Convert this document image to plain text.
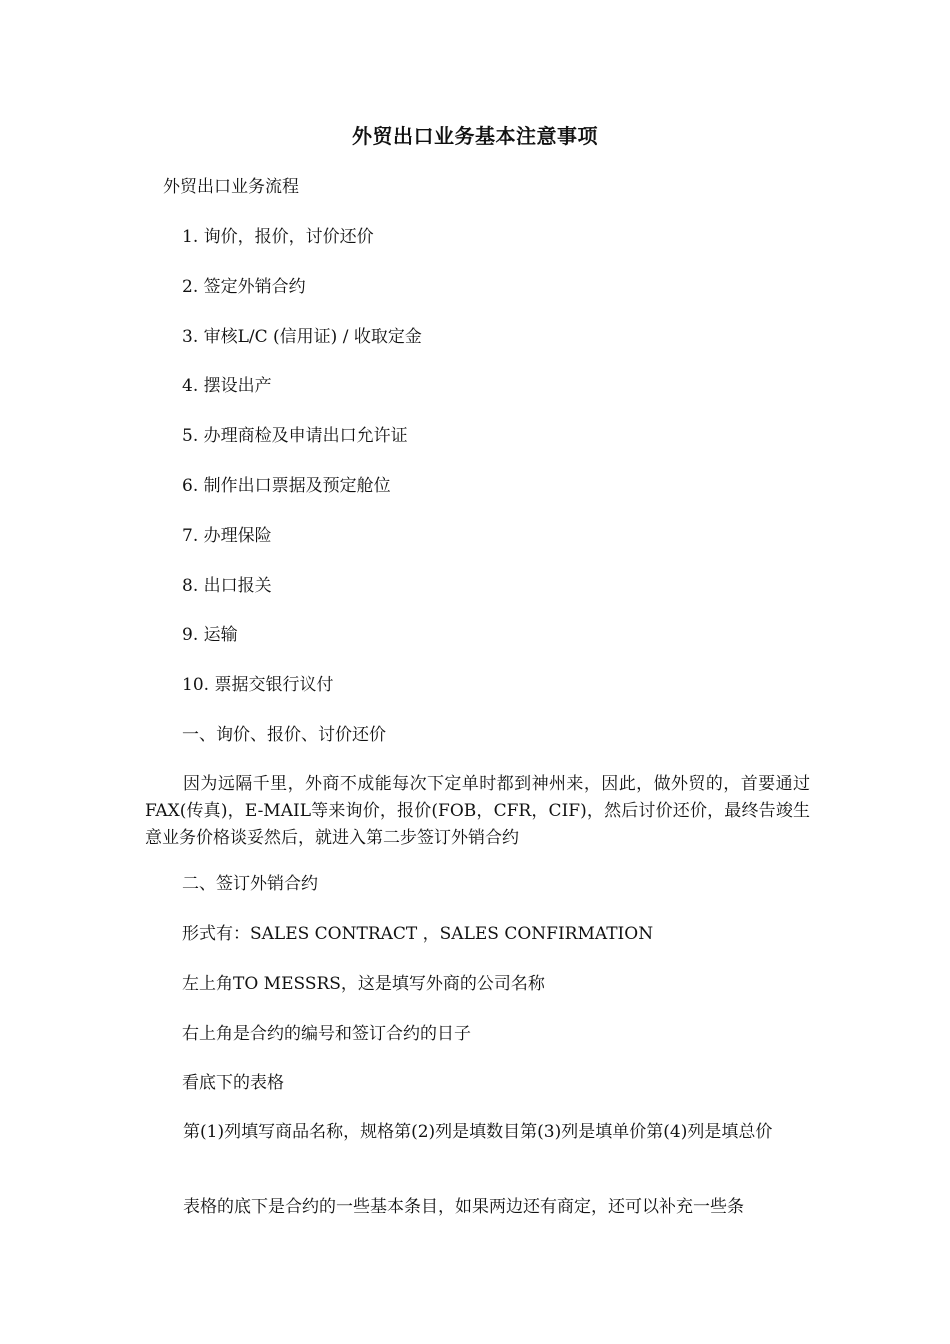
外贸出口业务基本注意事项
外贸出口业务流程
1. 询价，报价，讨价还价
2. 签定外销合约
3. 审核L/C (信用证) / 收取定金
4. 摆设出产
5. 办理商检及申请出口允许证
6. 制作出口票据及预定舱位
7. 办理保险
8. 出口报关
9. 运输
10. 票据交银行议付
一、询价、报价、讨价还价
因为远隔千里，外商不成能每次下定单时都到神州来，因此，做外贸的，首要通过FAX(传真)，E-MAIL等来询价，报价(FOB，CFR，CIF)，然后讨价还价，最终告竣生意业务价格谈妥然后，就进入第二步签订外销合约
二、签订外销合约
形式有：SALES CONTRACT ，SALES CONFIRMATION
左上角TO MESSRS，这是填写外商的公司名称
右上角是合约的编号和签订合约的日子
看底下的表格
第(1)列填写商品名称，规格第(2)列是填数目第(3)列是填单价第(4)列是填总价
表格的底下是合约的一些基本条目，如果两边还有商定，还可以补充一些条
